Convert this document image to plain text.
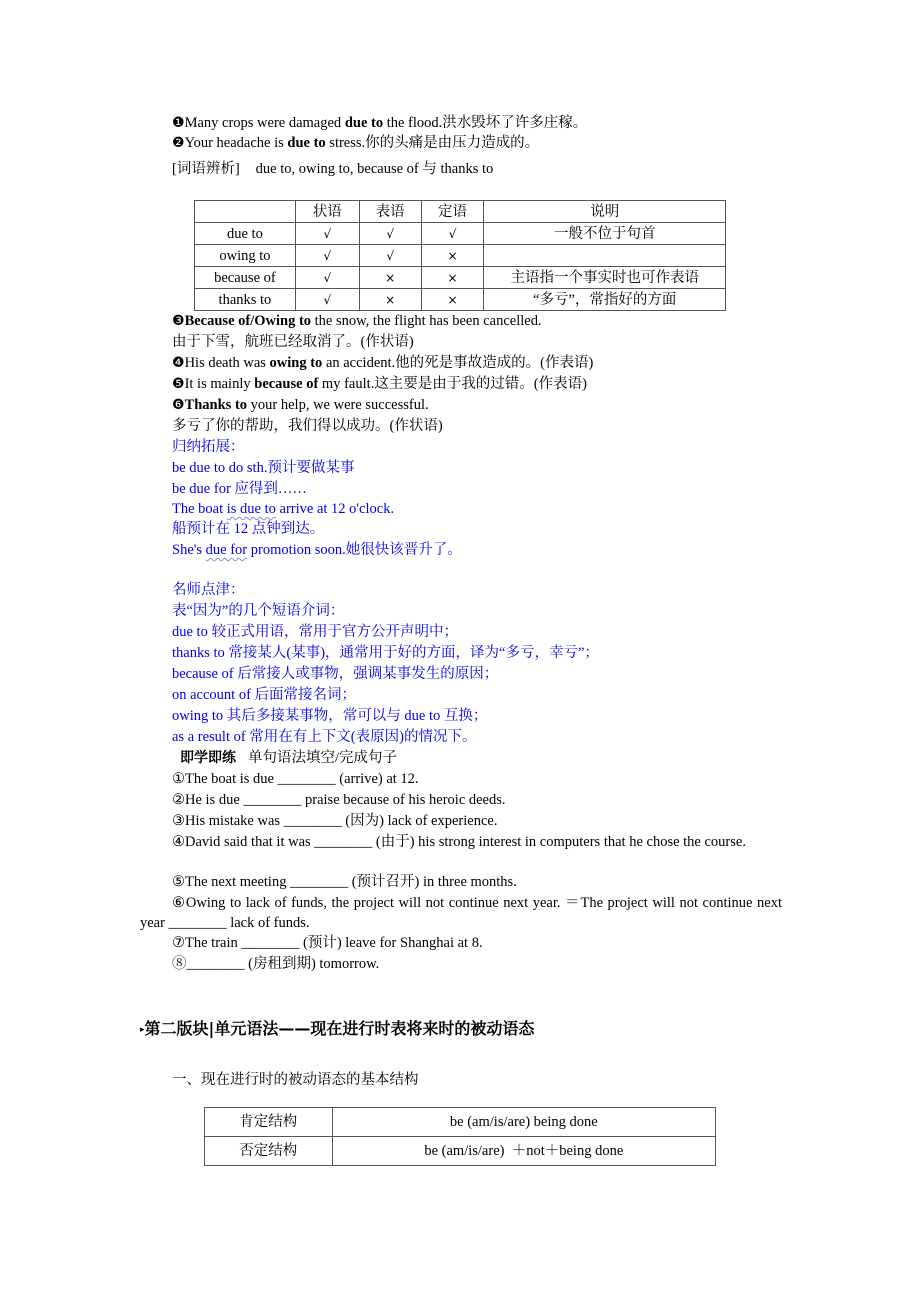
❶Many crops were damaged due to the flood.洪水毁坏了许多庄稼。
❷Your headache is due to stress.你的头痛是由压力造成的。
[词语辨析] due to, owing to, because of 与 thanks to
	状语	表语	定语	说明
due to	√	√	√	一般不位于句首
owing to	√	√	×	
because of	√	×	×	主语指一个事实时也可作表语
thanks to	√	×	×	“多亏”，常指好的方面
❸Because of/Owing to the snow, the flight has been cancelled.
由于下雪，航班已经取消了。(作状语)
❹His death was owing to an accident.他的死是事故造成的。(作表语)
❺It is mainly because of my fault.这主要是由于我的过错。(作表语)
❻Thanks to your help, we were successful.
多亏了你的帮助，我们得以成功。(作状语)
归纳拓展：
be due to do sth.预计要做某事
be due for 应得到……
The boat is due to arrive at 12 o'clock.
船预计在 12 点钟到达。
She's due for promotion soon.她很快该晋升了。
名师点津：
表“因为”的几个短语介词：
due to 较正式用语，常用于官方公开声明中；
thanks to 常接某人(某事)，通常用于好的方面，译为“多亏，幸亏”；
because of 后常接人或事物，强调某事发生的原因；
on account of 后面常接名词；
owing to 其后多接某事物，常可以与 due to 互换；
as a result of 常用在有上下文(表原因)的情况下。
即学即练 单句语法填空/完成句子
①The boat is due ________ (arrive) at 12.
②He is due ________ praise because of his heroic deeds.
③His mistake was ________ (因为) lack of experience.
④David said that it was ________ (由于) his strong interest in computers that he chose the course.
⑤The next meeting ________ (预计召开) in three months.
⑥Owing to lack of funds, the project will not continue next year. ＝The project will not continue next year ________ lack of funds.
⑦The train ________ (预计) leave for Shanghai at 8.
⑧________ (房租到期) tomorrow.
▸第二版块|单元语法——现在进行时表将来时的被动语态
一、现在进行时的被动语态的基本结构
肯定结构	be (am/is/are) being done
否定结构	be (am/is/are)  ＋not＋being done
